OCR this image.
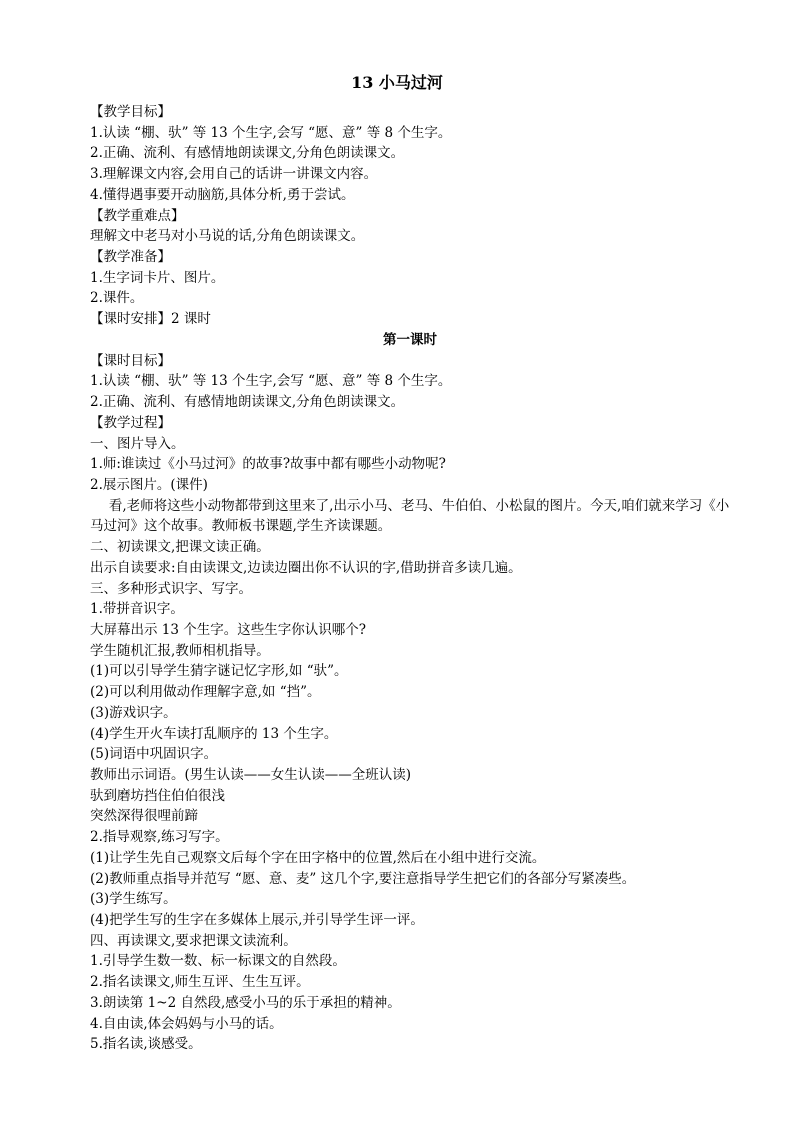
13 小马过河
【教学目标】
1.认读 “棚、驮” 等 13 个生字,会写 “愿、意” 等 8 个生字。
2.正确、流利、有感情地朗读课文,分角色朗读课文。
3.理解课文内容,会用自己的话讲一讲课文内容。
4.懂得遇事要开动脑筋,具体分析,勇于尝试。
【教学重难点】
理解文中老马对小马说的话,分角色朗读课文。
【教学准备】
1.生字词卡片、图片。
2.课件。
【课时安排】2 课时
第一课时
【课时目标】
1.认读 “棚、驮” 等 13 个生字,会写 “愿、意” 等 8 个生字。
2.正确、流利、有感情地朗读课文,分角色朗读课文。
【教学过程】
一、图片导入。
1.师:谁读过《小马过河》的故事?故事中都有哪些小动物呢?
2.展示图片。(课件)
看,老师将这些小动物都带到这里来了,出示小马、老马、牛伯伯、小松鼠的图片。今天,咱们就来学习《小马过河》这个故事。教师板书课题,学生齐读课题。
二、初读课文,把课文读正确。
出示自读要求:自由读课文,边读边圈出你不认识的字,借助拼音多读几遍。
三、多种形式识字、写字。
1.带拼音识字。
大屏幕出示 13 个生字。这些生字你认识哪个?
学生随机汇报,教师相机指导。
(1)可以引导学生猜字谜记忆字形,如 “驮”。
(2)可以利用做动作理解字意,如 “挡”。
(3)游戏识字。
(4)学生开火车读打乱顺序的 13 个生字。
(5)词语中巩固识字。
教师出示词语。(男生认读——女生认读——全班认读)
驮到磨坊挡住伯伯很浅
突然深得很哩前蹄
2.指导观察,练习写字。
(1)让学生先自己观察文后每个字在田字格中的位置,然后在小组中进行交流。
(2)教师重点指导并范写 “愿、意、麦” 这几个字,要注意指导学生把它们的各部分写紧凑些。
(3)学生练写。
(4)把学生写的生字在多媒体上展示,并引导学生评一评。
四、再读课文,要求把课文读流利。
1.引导学生数一数、标一标课文的自然段。
2.指名读课文,师生互评、生生互评。
3.朗读第 1~2 自然段,感受小马的乐于承担的精神。
4.自由读,体会妈妈与小马的话。
5.指名读,谈感受。
